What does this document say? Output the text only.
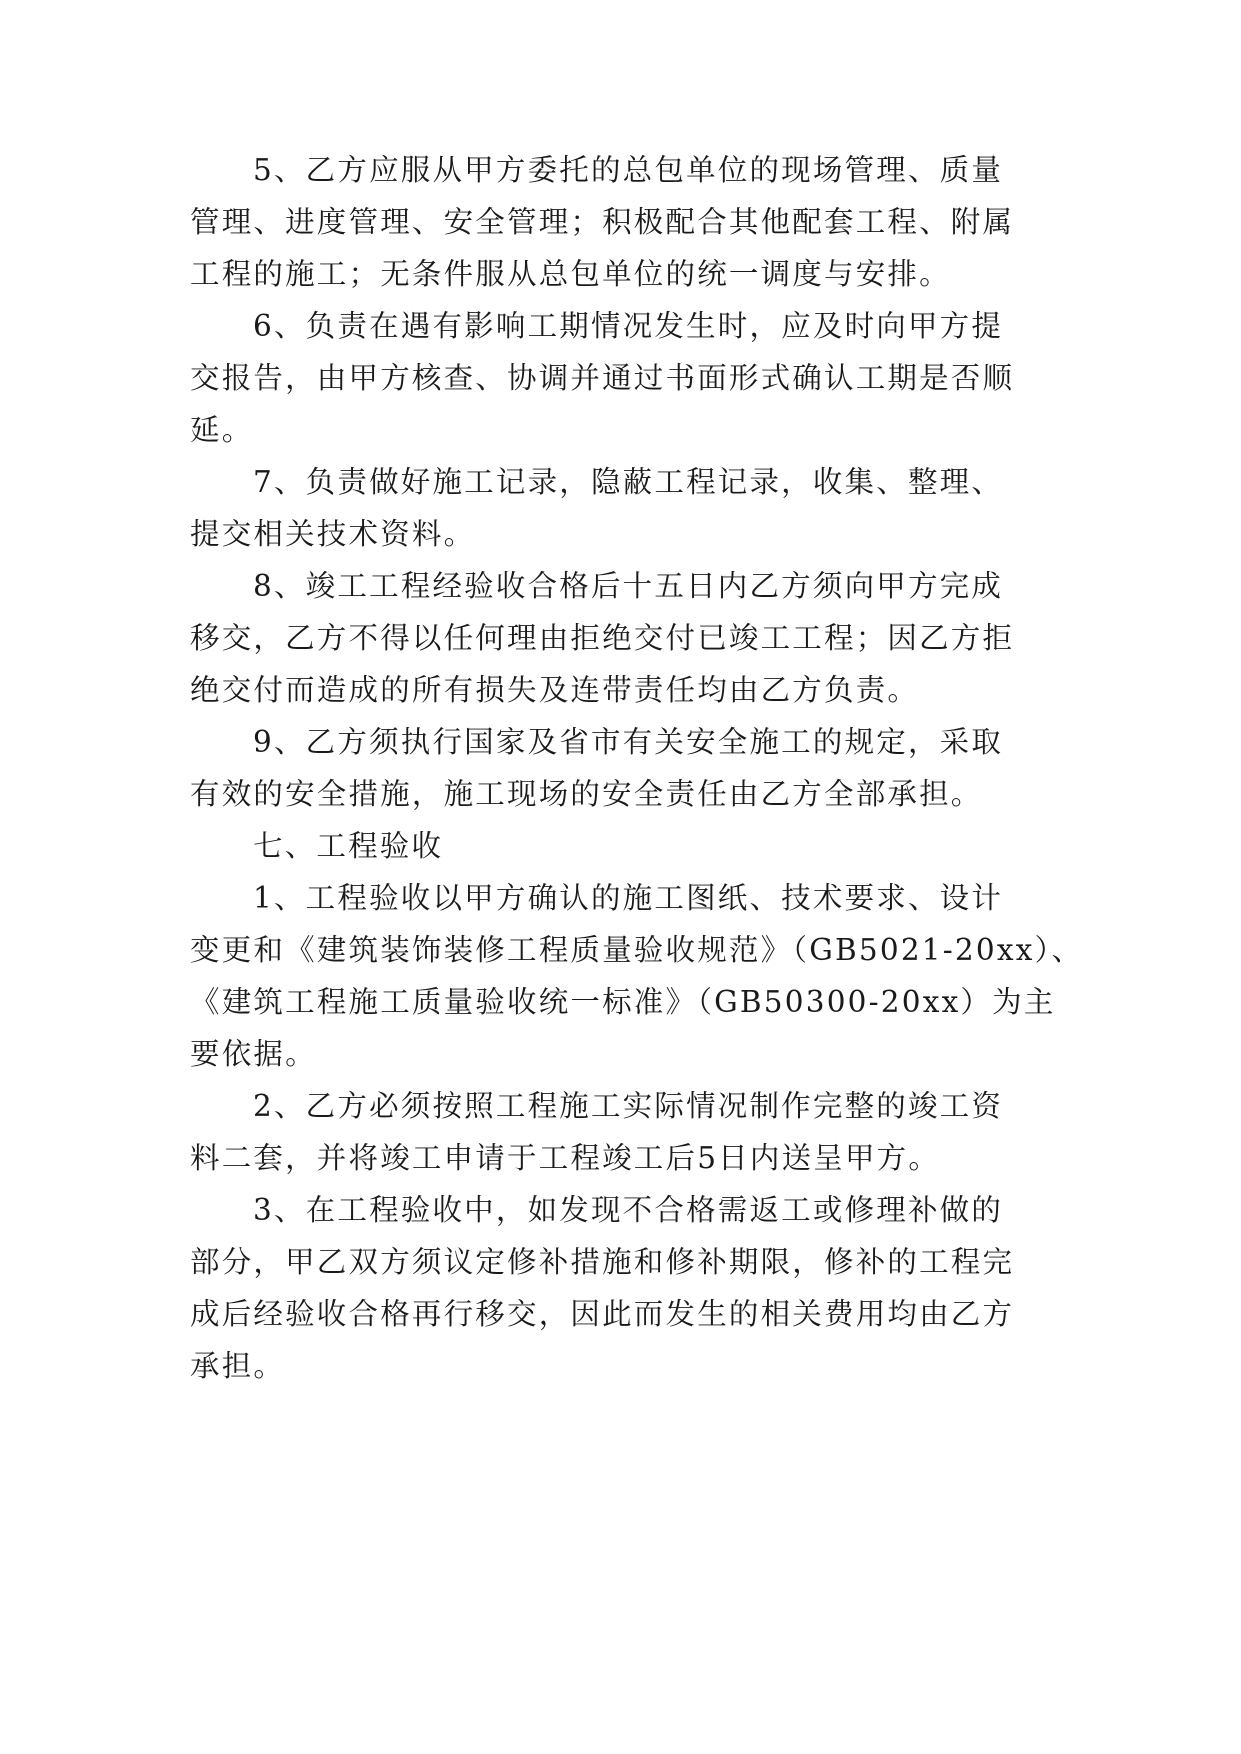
5、乙方应服从甲方委托的总包单位的现场管理、质量
管理、进度管理、安全管理；积极配合其他配套工程、附属
工程的施工；无条件服从总包单位的统一调度与安排。
6、负责在遇有影响工期情况发生时，应及时向甲方提
交报告，由甲方核查、协调并通过书面形式确认工期是否顺
延。
7、负责做好施工记录，隐蔽工程记录，收集、整理、
提交相关技术资料。
8、竣工工程经验收合格后十五日内乙方须向甲方完成
移交，乙方不得以任何理由拒绝交付已竣工工程；因乙方拒
绝交付而造成的所有损失及连带责任均由乙方负责。
9、乙方须执行国家及省市有关安全施工的规定，采取
有效的安全措施，施工现场的安全责任由乙方全部承担。
七、工程验收
1、工程验收以甲方确认的施工图纸、技术要求、设计
变更和《建筑装饰装修工程质量验收规范》（GB5021-20xx）、
《建筑工程施工质量验收统一标准》（GB50300-20xx）为主
要依据。
2、乙方必须按照工程施工实际情况制作完整的竣工资
料二套，并将竣工申请于工程竣工后5日内送呈甲方。
3、在工程验收中，如发现不合格需返工或修理补做的
部分，甲乙双方须议定修补措施和修补期限，修补的工程完
成后经验收合格再行移交，因此而发生的相关费用均由乙方
承担。
